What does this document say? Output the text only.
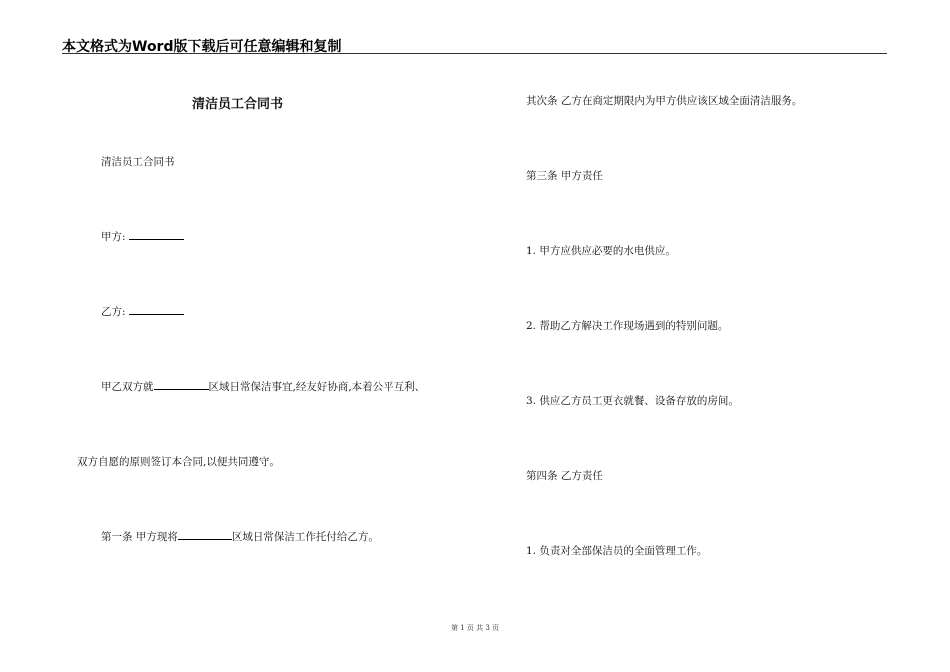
本文格式为Word版下载后可任意编辑和复制
清洁员工合同书
清洁员工合同书
甲方:
乙方:
甲乙双方就	区域日常保洁事宜,经友好协商,本着公平互利、
双方自愿的原则签订本合同,以便共同遵守。
第一条 甲方现将	区域日常保洁工作托付给乙方。
其次条 乙方在商定期限内为甲方供应该区域全面清洁服务。
第三条 甲方责任
1. 甲方应供应必要的水电供应。
2. 帮助乙方解决工作现场遇到的特别问题。
3. 供应乙方员工更衣就餐、设备存放的房间。
第四条 乙方责任
1. 负责对全部保洁员的全面管理工作。
第 1 页 共 3 页
